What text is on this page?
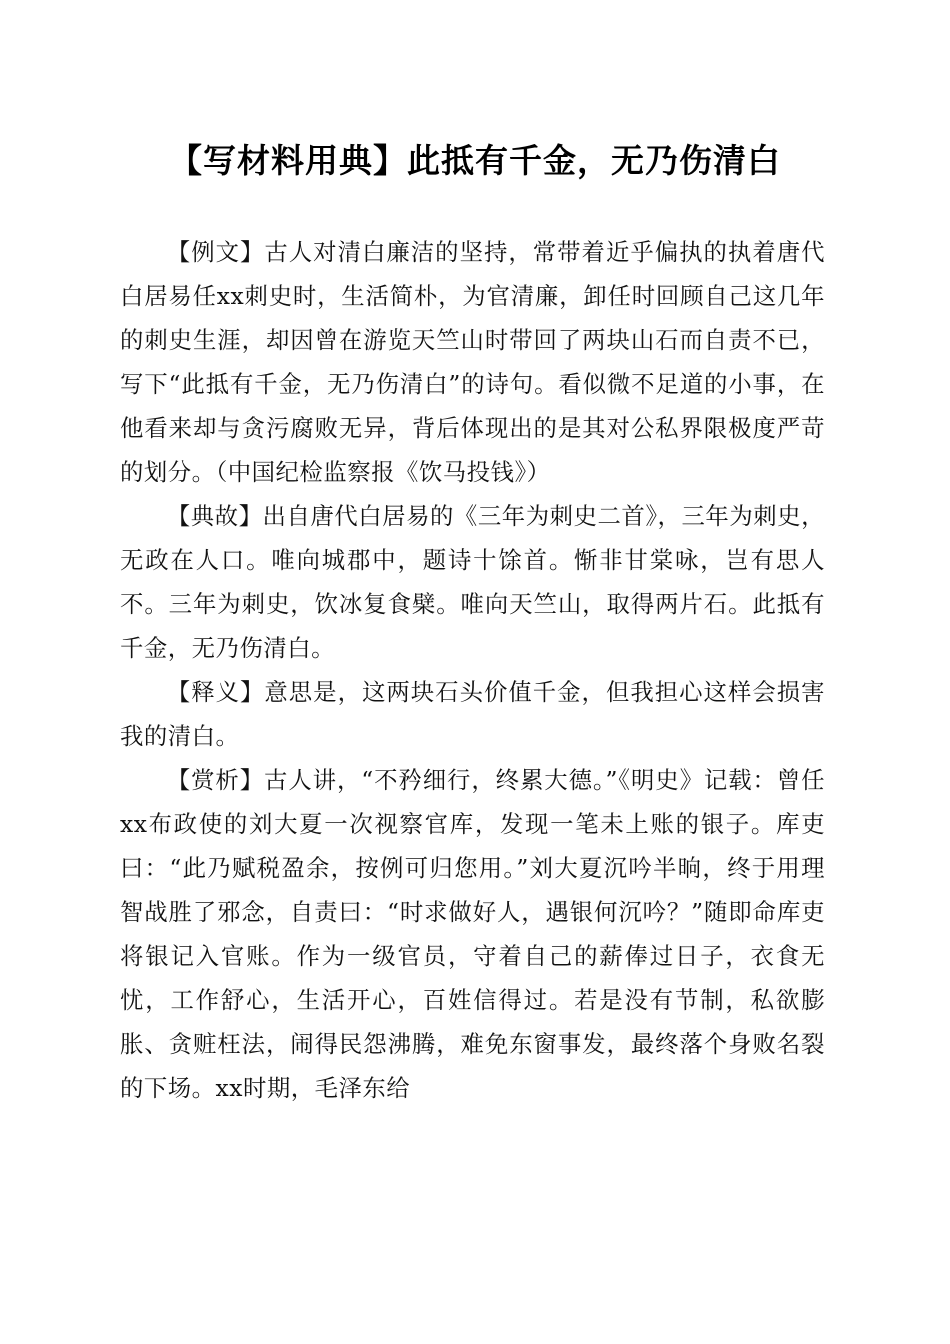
【写材料用典】此抵有千金，无乃伤清白

【例文】古人对清白廉洁的坚持，常带着近乎偏执的执着唐代白居易任xx刺史时，生活简朴，为官清廉，卸任时回顾自己这几年的刺史生涯，却因曾在游览天竺山时带回了两块山石而自责不已，写下“此抵有千金，无乃伤清白”的诗句。看似微不足道的小事，在他看来却与贪污腐败无异，背后体现出的是其对公私界限极度严苛的划分。（中国纪检监察报《饮马投钱》）

【典故】出自唐代白居易的《三年为刺史二首》，三年为刺史，无政在人口。唯向城郡中，题诗十馀首。惭非甘棠咏，岂有思人不。三年为刺史，饮冰复食檗。唯向天竺山，取得两片石。此抵有千金，无乃伤清白。

【释义】意思是，这两块石头价值千金，但我担心这样会损害我的清白。

【赏析】古人讲，“不矜细行，终累大德。”《明史》记载：曾任xx布政使的刘大夏一次视察官库，发现一笔未上账的银子。库吏曰：“此乃赋税盈余，按例可归您用。”刘大夏沉吟半晌，终于用理智战胜了邪念，自责曰：“时求做好人，遇银何沉吟？”随即命库吏将银记入官账。作为一级官员，守着自己的薪俸过日子，衣食无忧，工作舒心，生活开心，百姓信得过。若是没有节制，私欲膨胀、贪赃枉法，闹得民怨沸腾，难免东窗事发，最终落个身败名裂的下场。xx时期，毛泽东给
